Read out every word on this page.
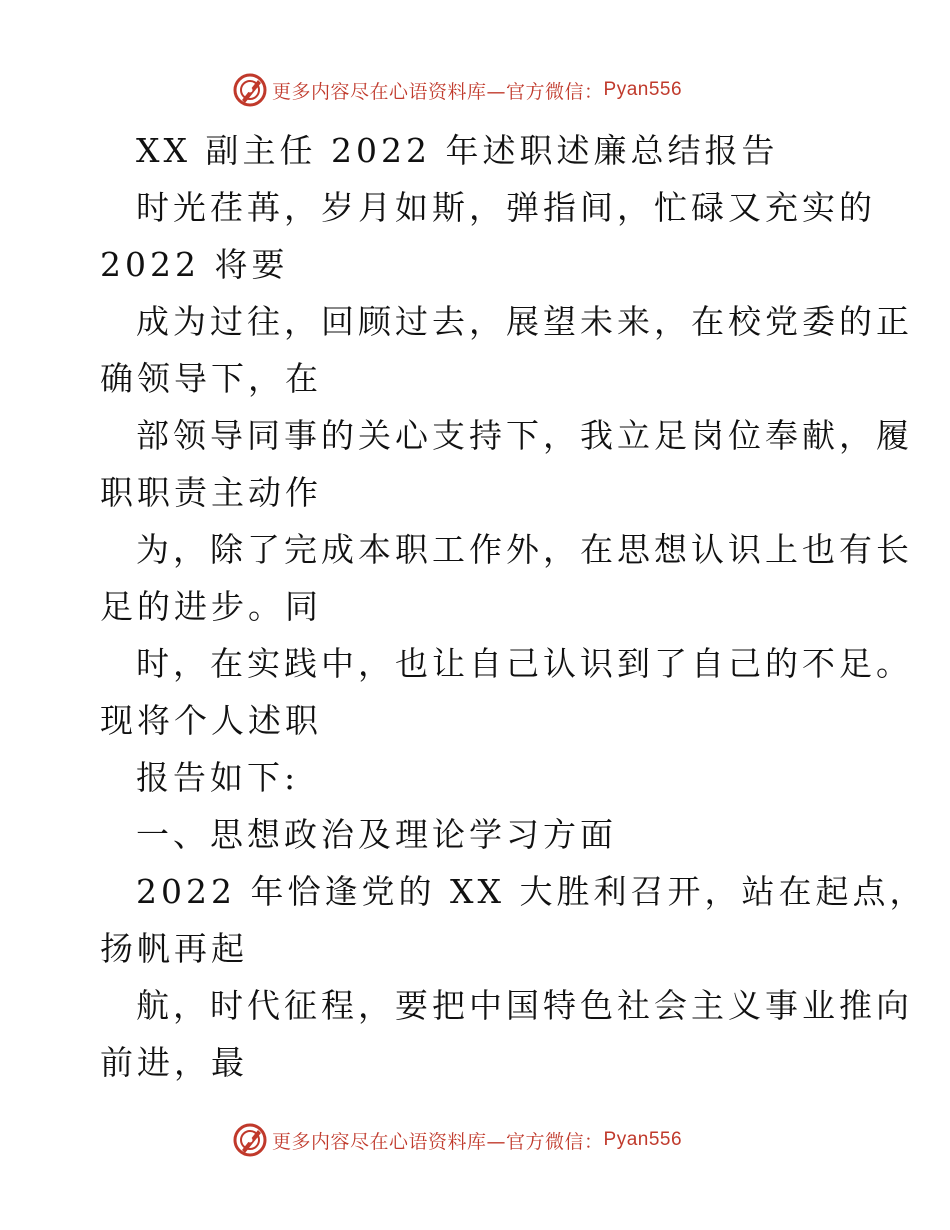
更多内容尽在心语资料库—官方微信： Pyan556
XX 副主任 2022 年述职述廉总结报告
时光荏苒，岁月如斯，弹指间，忙碌又充实的
2022 将要
成为过往，回顾过去，展望未来，在校党委的正
确领导下，在
部领导同事的关心支持下，我立足岗位奉献，履
职职责主动作
为，除了完成本职工作外，在思想认识上也有长
足的进步。同
时，在实践中，也让自己认识到了自己的不足。
现将个人述职
报告如下:
一、思想政治及理论学习方面
2022 年恰逢党的 XX 大胜利召开，站在起点，
扬帆再起
航，时代征程，要把中国特色社会主义事业推向
前进，最
更多内容尽在心语资料库—官方微信： Pyan556
